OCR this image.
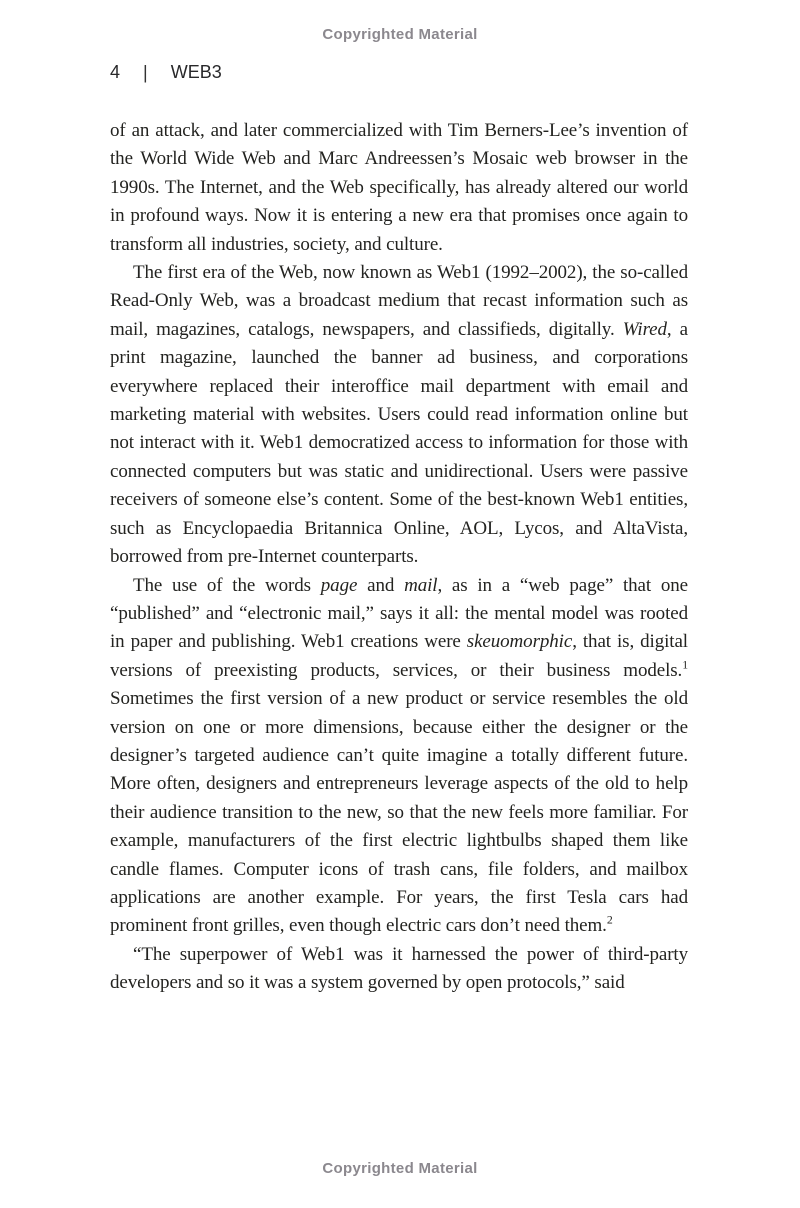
Copyrighted Material
4 | WEB3

of an attack, and later commercialized with Tim Berners-Lee’s invention of the World Wide Web and Marc Andreessen’s Mosaic web browser in the 1990s. The Internet, and the Web specifically, has already altered our world in profound ways. Now it is entering a new era that promises once again to transform all industries, society, and culture.

The first era of the Web, now known as Web1 (1992–2002), the so-called Read-Only Web, was a broadcast medium that recast information such as mail, magazines, catalogs, newspapers, and classifieds, digitally. Wired, a print magazine, launched the banner ad business, and corporations everywhere replaced their interoffice mail department with email and marketing material with websites. Users could read information online but not interact with it. Web1 democratized access to information for those with connected computers but was static and unidirectional. Users were passive receivers of someone else’s content. Some of the best-known Web1 entities, such as Encyclopaedia Britannica Online, AOL, Lycos, and AltaVista, borrowed from pre-Internet counterparts.

The use of the words page and mail, as in a “web page” that one “published” and “electronic mail,” says it all: the mental model was rooted in paper and publishing. Web1 creations were skeuomorphic, that is, digital versions of preexisting products, services, or their business models.$^1$ Sometimes the first version of a new product or service resembles the old version on one or more dimensions, because either the designer or the designer’s targeted audience can’t quite imagine a totally different future. More often, designers and entrepreneurs leverage aspects of the old to help their audience transition to the new, so that the new feels more familiar. For example, manufacturers of the first electric lightbulbs shaped them like candle flames. Computer icons of trash cans, file folders, and mailbox applications are another example. For years, the first Tesla cars had prominent front grilles, even though electric cars don’t need them.$^2$

“The superpower of Web1 was it harnessed the power of third-party developers and so it was a system governed by open protocols,” said

Copyrighted Material
